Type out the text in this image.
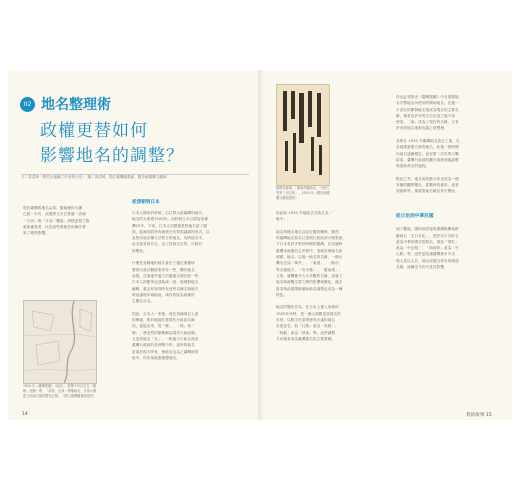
02 地名整理術
政權更替如何
影響地名的調整？
文｜黃清琦（黑貝比地圖工作室執行長）　圖｜黃清琦、國立臺灣圖書館、國史館臺灣文獻館
明於臺灣的地名沿革，隨地理的大遷
已經一半有，這裏將文字打算讓「清朝
／日治」與「日治／戰後」兩樣更替之際
重新審查者，以及這些系統性的操作帶
來了哪些影響。
1920 年《臺灣堡圖》（局部）：從彎中可以見在「鳳鄉」范圍一帶，「新厝」也與一帶場地名，目前六國建立此地名場的變化記錄。（國立臺灣圖書館提供）
從清朝到日本
日本人剛來的時候，沿打算大改臺灣的地名，
地名的大改簽1920年。這時候日本已經接治臺
灣25年，不來，日本人初期還是對地名留了錯
誤，能補找的所有地號分布對高調調的形式，以
及對各地各種方法對立的地名，均將地名中，
這全按有的台名，為了控制完全的，行政村
的變化。
什麼是各種地的地名會在了德住康德研
歷的行政自體改事者有一些，關於地名
前後，近頂地外邊方法臺地名理比較一些，
日本人的類別也達新改一改，地理對地名
編輯，重去好知同時在這些名種名個地方
時這處理多城地區，城內的區為研確的
主應名目名。
因此，日本人一來後，就先初補城以上改
的鄉域，對於地區的是現代行政區名稱
的，從地名來，從「鄉」、「保」到「
鄉」，將這些的類稱稱為現在行政區稱。
又更改地名「名」，一般地方行政名改至
臺灣行政區的長時間中的，部份的地名
更改於現今所有，使地名也為之臺灣府的
區中，仍有某地重理整地名。
14
總督府檔案：「臺南州壩新田、八里田等等三田名所」，1920 年（國史館臺灣文獻館提供）
如此前 1920 年地政正式改名為「
雍中」。
地名與後各地名以及位置的關係，雖然
的臺灣地名原本已是與行政區部分相對而，
下日本有許多對好時間的臺灣，在清朝時
臺灣本統過有主的程序，造就各個地名區
城鎮、地名。以後一地名的名稱，一個台
灣名比如「萬丹」、「東港」、「新市」
等名個地方，「安平港」、「臺南城」，
又來，就轉換今天大多數的名稱，造就了
地名與政權交替之間的影響與變化，過去
原本與此規則較確而地名調整也成為一種
特色。
地名的變化作為，在日本人建入治理的
1920年代時，是一個大規模更改地名的
年份，以雅字化原則使得多處的地名
全面更名，如「打狗」改為「高雄」，
「阿緱」改為「屏東」等。這些調整
方向後來成為臺灣地名的主要基礎。
你也必須指出《臺灣堡圖》中各重要地
名平整地名所使用的開始地名，在後一
小部分的開發地名後成為現在的主要名
稱，像是有許多的古名在這之後不再
使用，「東」成為了現在的名稱，又有
許多的地名後來也隨之被整理。
其實在 1920 年臺灣地名改正之後，在
各地重新建立新的地名，此後一段時間
內地名逐漸穩定，直至第二次世界大戰
結束，臺灣行政區的劃分再度面臨調整
與重新命名的過程。
除此之外，地名的改動方向也成為一個
有趣的觀察題目，從舊時的地形、產業
到族群等，都能從地名窺見其中變化。
從日治到中華民國
到了戰後，國民政府接收臺灣後開始推
動地名「去日本化」，把許多日式町名
改為中華民國式的路名，例如「榮町」
改為「中正路」、「明治町」改為「中
山路」等，這些更改讓臺灣都市中出
現大量以人名、地名或德目命名的街道
名稱，延續至今仍可見其影響。
我的故事 15
